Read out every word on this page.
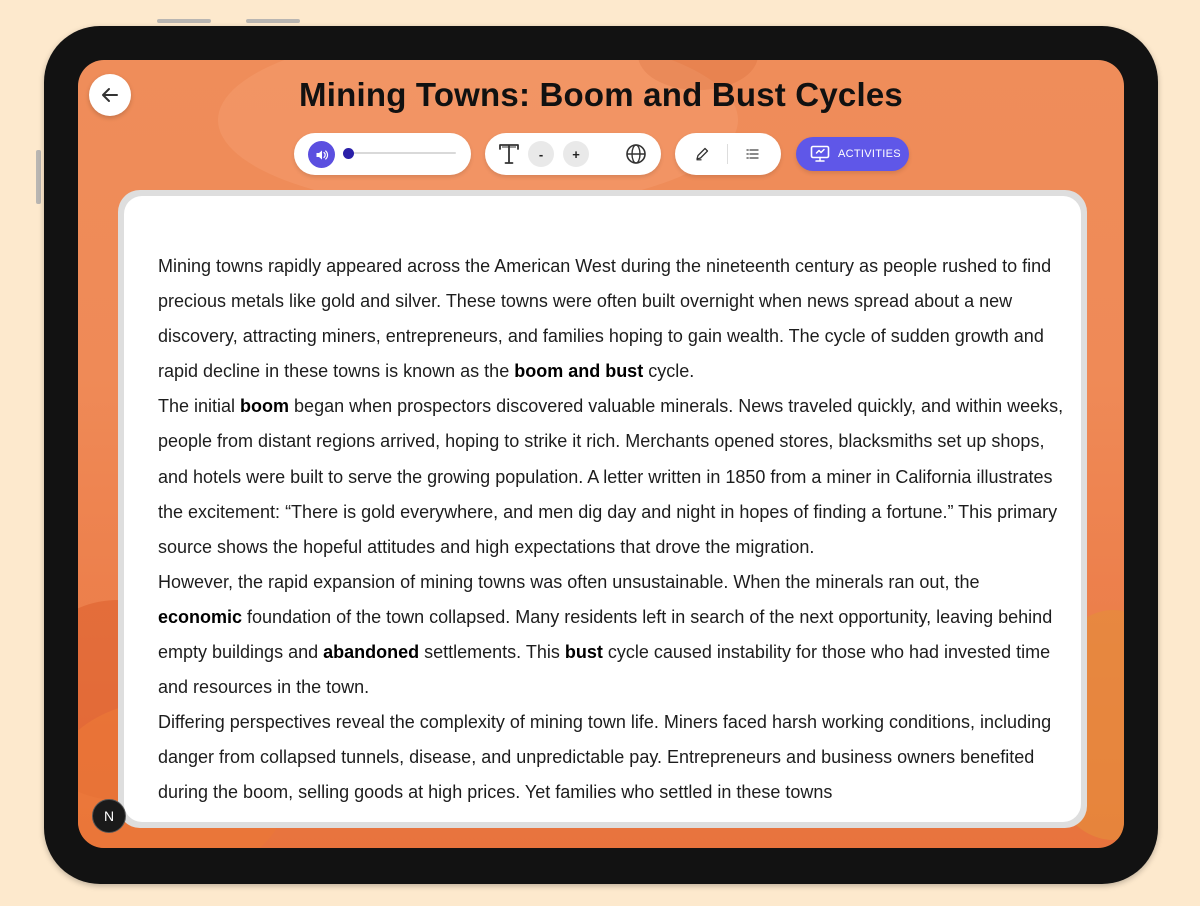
Mining Towns: Boom and Bust Cycles
-	+	ACTIVITIES

Mining towns rapidly appeared across the American West during the nineteenth century as people rushed to find precious metals like gold and silver. These towns were often built overnight when news spread about a new discovery, attracting miners, entrepreneurs, and families hoping to gain wealth. The cycle of sudden growth and rapid decline in these towns is known as the boom and bust cycle.

The initial boom began when prospectors discovered valuable minerals. News traveled quickly, and within weeks, people from distant regions arrived, hoping to strike it rich. Merchants opened stores, blacksmiths set up shops, and hotels were built to serve the growing population. A letter written in 1850 from a miner in California illustrates the excitement: “There is gold everywhere, and men dig day and night in hopes of finding a fortune.” This primary source shows the hopeful attitudes and high expectations that drove the migration.

However, the rapid expansion of mining towns was often unsustainable. When the minerals ran out, the economic foundation of the town collapsed. Many residents left in search of the next opportunity, leaving behind empty buildings and abandoned settlements. This bust cycle caused instability for those who had invested time and resources in the town.

Differing perspectives reveal the complexity of mining town life. Miners faced harsh working conditions, including danger from collapsed tunnels, disease, and unpredictable pay. Entrepreneurs and business owners benefited during the boom, selling goods at high prices. Yet families who settled in these towns

N
